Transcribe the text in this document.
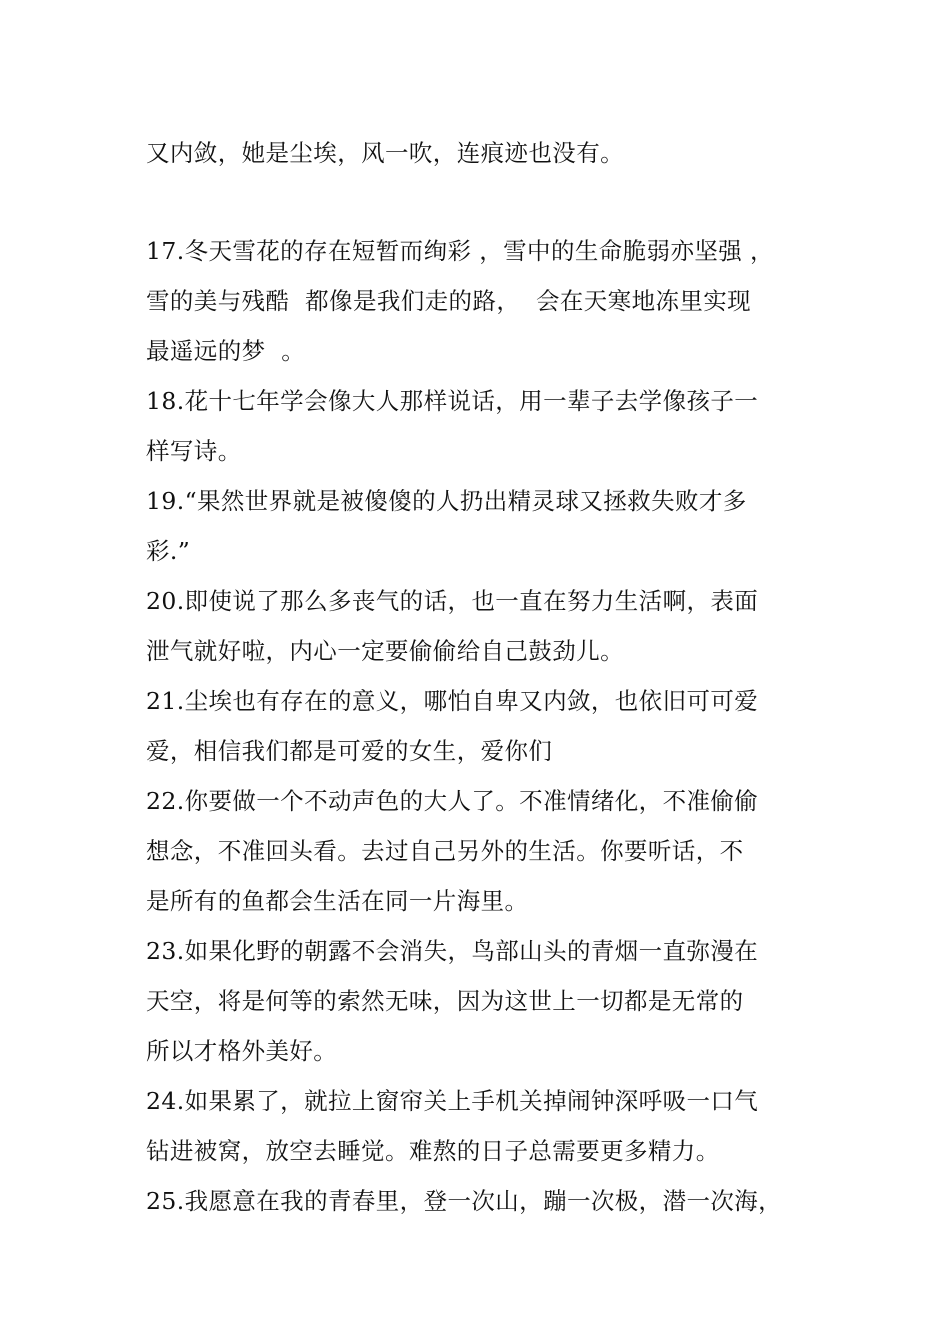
又内敛，她是尘埃，风一吹，连痕迹也没有。
17.冬天雪花的存在短暂而绚彩 ，雪中的生命脆弱亦坚强 ，
雪的美与残酷  都像是我们走的路，  会在天寒地冻里实现
最遥远的梦  。
18.花十七年学会像大人那样说话，用一辈子去学像孩子一
样写诗。
19.“果然世界就是被傻傻的人扔出精灵球又拯救失败才多
彩.”
20.即使说了那么多丧气的话，也一直在努力生活啊，表面
泄气就好啦，内心一定要偷偷给自己鼓劲儿。
21.尘埃也有存在的意义，哪怕自卑又内敛，也依旧可可爱
爱，相信我们都是可爱的女生，爱你们
22.你要做一个不动声色的大人了。不准情绪化，不准偷偷
想念，不准回头看。去过自己另外的生活。你要听话，不
是所有的鱼都会生活在同一片海里。
23.如果化野的朝露不会消失，鸟部山头的青烟一直弥漫在
天空，将是何等的索然无味，因为这世上一切都是无常的
所以才格外美好。
24.如果累了，就拉上窗帘关上手机关掉闹钟深呼吸一口气
钻进被窝，放空去睡觉。难熬的日子总需要更多精力。
25.我愿意在我的青春里，登一次山，蹦一次极，潜一次海，
